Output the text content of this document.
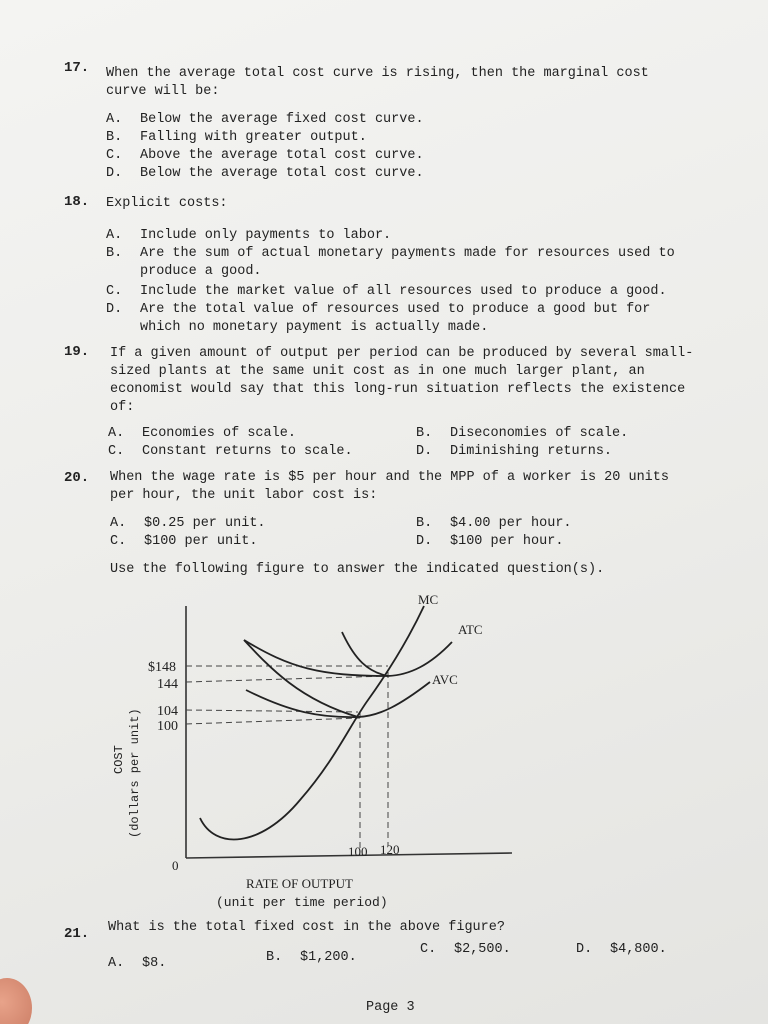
17. When the average total cost curve is rising, then the marginal cost
curve will be:
A. Below the average fixed cost curve.
B. Falling with greater output.
C. Above the average total cost curve.
D. Below the average total cost curve.
18. Explicit costs:
A. Include only payments to labor.
B. Are the sum of actual monetary payments made for resources used to
produce a good.
C. Include the market value of all resources used to produce a good.
D. Are the total value of resources used to produce a good but for
which no monetary payment is actually made.
19. If a given amount of output per period can be produced by several small-
sized plants at the same unit cost as in one much larger plant, an
economist would say that this long-run situation reflects the existence
of:
A. Economies of scale.	B. Diseconomies of scale.
C. Constant returns to scale.	D. Diminishing returns.
20. When the wage rate is $5 per hour and the MPP of a worker is 20 units
per hour, the unit labor cost is:
A. $0.25 per unit.	B. $4.00 per hour.
C. $100 per unit.	D. $100 per hour.
Use the following figure to answer the indicated question(s).
MC
ATC
AVC
$148
144
104
100
100 120
0
COST (dollars per unit)
RATE OF OUTPUT
(unit per time period)
21. What is the total fixed cost in the above figure?
A. $8.	B. $1,200.
C. $2,500.	D. $4,800.
Page 3
